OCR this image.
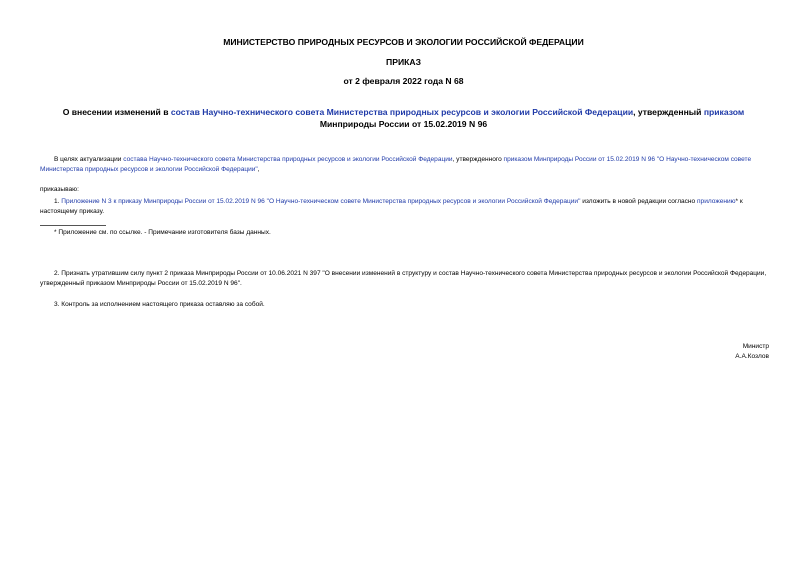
МИНИСТЕРСТВО ПРИРОДНЫХ РЕСУРСОВ И ЭКОЛОГИИ РОССИЙСКОЙ ФЕДЕРАЦИИ

ПРИКАЗ

от 2 февраля 2022 года N 68

О внесении изменений в состав Научно-технического совета Министерства природных ресурсов и экологии Российской Федерации, утвержденный приказом Минприроды России от 15.02.2019 N 96

В целях актуализации состава Научно-технического совета Министерства природных ресурсов и экологии Российской Федерации, утвержденного приказом Минприроды России от 15.02.2019 N 96 "О Научно-техническом совете Министерства природных ресурсов и экологии Российской Федерации",

приказываю:

1. Приложение N 3 к приказу Минприроды России от 15.02.2019 N 96 "О Научно-техническом совете Министерства природных ресурсов и экологии Российской Федерации" изложить в новой редакции согласно приложению* к настоящему приказу.

* Приложение см. по ссылке. - Примечание изготовителя базы данных.

2. Признать утратившим силу пункт 2 приказа Минприроды России от 10.06.2021 N 397 "О внесении изменений в структуру и состав Научно-технического совета Министерства природных ресурсов и экологии Российской Федерации, утвержденный приказом Минприроды России от 15.02.2019 N 96".

3. Контроль за исполнением настоящего приказа оставляю за собой.

Министр

А.А.Козлов
